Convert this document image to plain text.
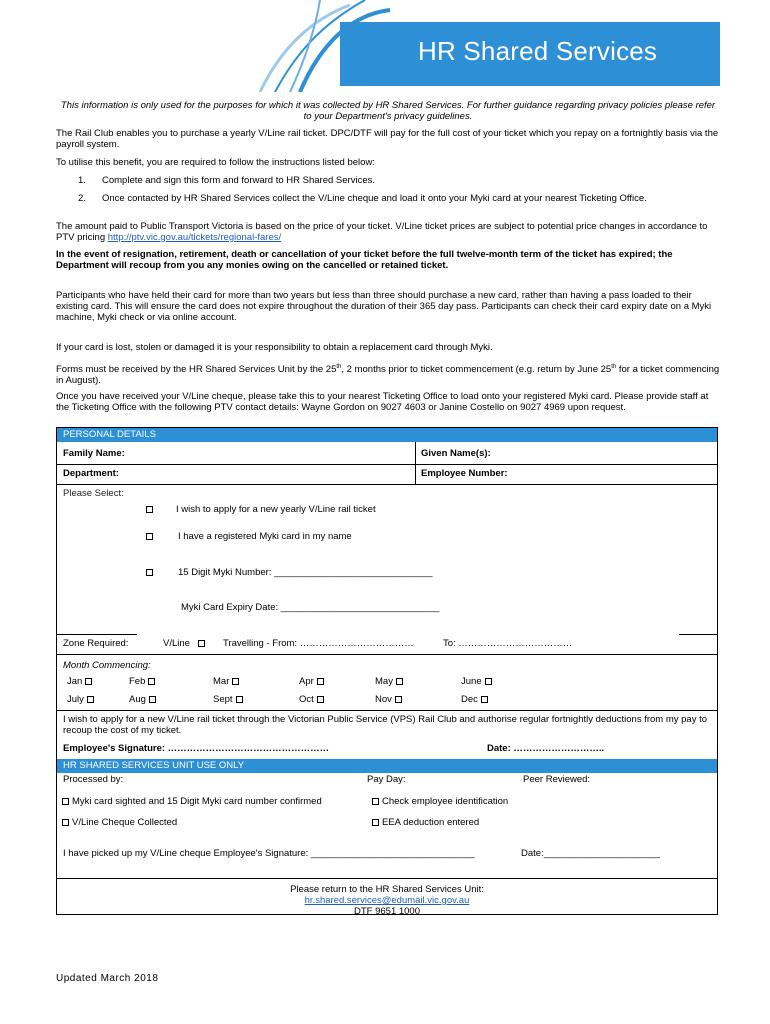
HR Shared Services
This information is only used for the purposes for which it was collected by HR Shared Services. For further guidance regarding privacy policies please refer to your Department's privacy guidelines.
The Rail Club enables you to purchase a yearly V/Line rail ticket. DPC/DTF will pay for the full cost of your ticket which you repay on a fortnightly basis via the payroll system.
To utilise this benefit, you are required to follow the instructions listed below:
1. Complete and sign this form and forward to HR Shared Services.
2. Once contacted by HR Shared Services collect the V/Line cheque and load it onto your Myki card at your nearest Ticketing Office.
The amount paid to Public Transport Victoria is based on the price of your ticket. V/Line ticket prices are subject to potential price changes in accordance to PTV pricing http://ptv.vic.gov.au/tickets/regional-fares/
In the event of resignation, retirement, death or cancellation of your ticket before the full twelve-month term of the ticket has expired; the Department will recoup from you any monies owing on the cancelled or retained ticket.
Participants who have held their card for more than two years but less than three should purchase a new card, rather than having a pass loaded to their existing card. This will ensure the card does not expire throughout the duration of their 365 day pass. Participants can check their card expiry date on a Myki machine, Myki check or via online account.
If your card is lost, stolen or damaged it is your responsibility to obtain a replacement card through Myki.
Forms must be received by the HR Shared Services Unit by the 25th, 2 months prior to ticket commencement (e.g. return by June 25th for a ticket commencing in August).
Once you have received your V/Line cheque, please take this to your nearest Ticketing Office to load onto your registered Myki card. Please provide staff at the Ticketing Office with the following PTV contact details: Wayne Gordon on 9027 4603 or Janine Costello on 9027 4969 upon request.
PERSONAL DETAILS
Family Name:	Given Name(s):
Department:	Employee Number:
Please Select:
I wish to apply for a new yearly V/Line rail ticket
I have a registered Myki card in my name
15 Digit Myki Number: ______________________________
Myki Card Expiry Date: ______________________________
Zone Required:	V/Line	Travelling - From: ………………………………	To: ………………………………
Month Commencing:
Jan	Feb	Mar	Apr	May	June
July	Aug	Sept	Oct	Nov	Dec
I wish to apply for a new V/Line rail ticket through the Victorian Public Service (VPS) Rail Club and authorise regular fortnightly deductions from my pay to recoup the cost of my ticket.
Employee's Signature: ……………………………………………	Date: ………………………..
HR SHARED SERVICES UNIT USE ONLY
Processed by:	Pay Day:	Peer Reviewed:
Myki card sighted and 15 Digit Myki card number confirmed	Check employee identification
V/Line Cheque Collected	EEA deduction entered
I have picked up my V/Line cheque Employee's Signature: _______________________________	Date:______________________
Please return to the HR Shared Services Unit:
hr.shared.services@edumail.vic.gov.au
DTF 9651 1000
Updated March 2018
